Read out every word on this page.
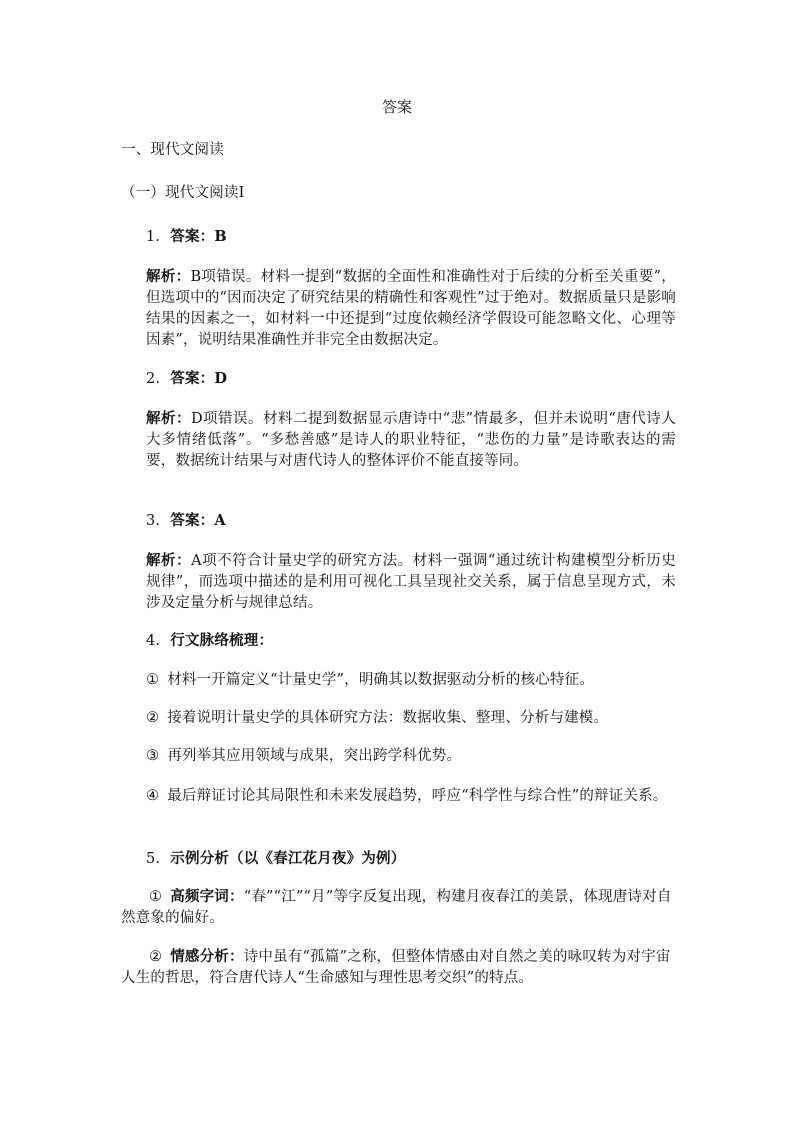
答案
一、现代文阅读
（一）现代文阅读Ⅰ
1. 答案：B
解析：B项错误。材料一提到“数据的全面性和准确性对于后续的分析至关重要”，但选项中的“因而决定了研究结果的精确性和客观性”过于绝对。数据质量只是影响结果的因素之一，如材料一中还提到“过度依赖经济学假设可能忽略文化、心理等因素”，说明结果准确性并非完全由数据决定。
2. 答案：D
解析：D项错误。材料二提到数据显示唐诗中“悲”情最多，但并未说明“唐代诗人大多情绪低落”。“多愁善感”是诗人的职业特征，“悲伤的力量”是诗歌表达的需要，数据统计结果与对唐代诗人的整体评价不能直接等同。
3. 答案：A
解析：A项不符合计量史学的研究方法。材料一强调“通过统计构建模型分析历史规律”，而选项中描述的是利用可视化工具呈现社交关系，属于信息呈现方式，未涉及定量分析与规律总结。
4. 行文脉络梳理：
① 材料一开篇定义“计量史学”，明确其以数据驱动分析的核心特征。
② 接着说明计量史学的具体研究方法：数据收集、整理、分析与建模。
③ 再列举其应用领域与成果，突出跨学科优势。
④ 最后辩证讨论其局限性和未来发展趋势，呼应“科学性与综合性”的辩证关系。
5. 示例分析（以《春江花月夜》为例）
① 高频字词：“春”“江”“月”等字反复出现，构建月夜春江的美景，体现唐诗对自然意象的偏好。
② 情感分析：诗中虽有“孤篇”之称，但整体情感由对自然之美的咏叹转为对宇宙人生的哲思，符合唐代诗人“生命感知与理性思考交织”的特点。
